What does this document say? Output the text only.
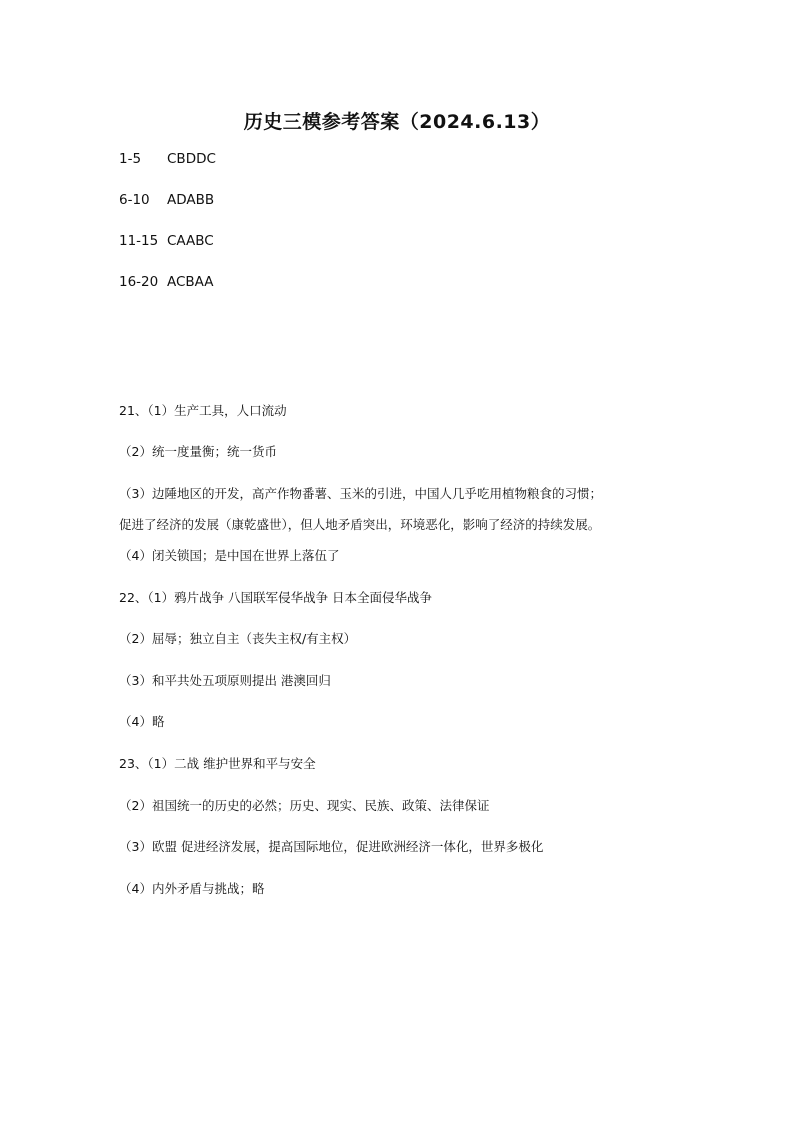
历史三模参考答案（2024.6.13）
1-5 CBDDC
6-10 ADABB
11-15 CAABC
16-20 ACBAA
21、（1）生产工具，人口流动
（2）统一度量衡；统一货币
（3）边陲地区的开发，高产作物番薯、玉米的引进，中国人几乎吃用植物粮食的习惯；
促进了经济的发展（康乾盛世），但人地矛盾突出，环境恶化，影响了经济的持续发展。
（4）闭关锁国；是中国在世界上落伍了
22、（1）鸦片战争 八国联军侵华战争 日本全面侵华战争
（2）屈辱；独立自主（丧失主权/有主权）
（3）和平共处五项原则提出 港澳回归
（4）略
23、（1）二战 维护世界和平与安全
（2）祖国统一的历史的必然；历史、现实、民族、政策、法律保证
（3）欧盟 促进经济发展，提高国际地位，促进欧洲经济一体化，世界多极化
（4）内外矛盾与挑战；略
